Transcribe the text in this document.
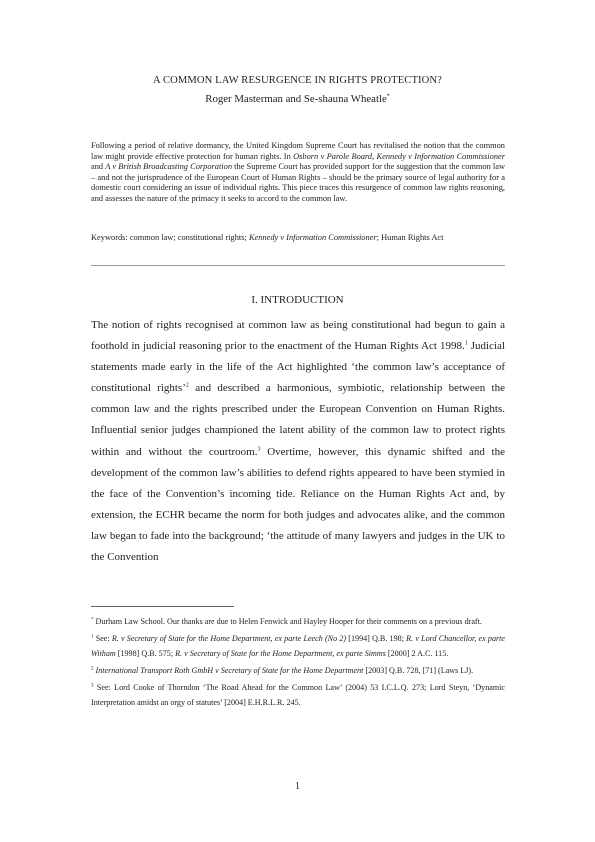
A COMMON LAW RESURGENCE IN RIGHTS PROTECTION?
Roger Masterman and Se-shauna Wheatle*
Following a period of relative dormancy, the United Kingdom Supreme Court has revitalised the notion that the common law might provide effective protection for human rights. In Osborn v Parole Board, Kennedy v Information Commissioner and A v British Broadcasting Corporation the Supreme Court has provided support for the suggestion that the common law – and not the jurisprudence of the European Court of Human Rights – should be the primary source of legal authority for a domestic court considering an issue of individual rights. This piece traces this resurgence of common law rights reasoning, and assesses the nature of the primacy it seeks to accord to the common law.
Keywords: common law; constitutional rights; Kennedy v Information Commissioner; Human Rights Act
I. INTRODUCTION
The notion of rights recognised at common law as being constitutional had begun to gain a foothold in judicial reasoning prior to the enactment of the Human Rights Act 1998.$^1$ Judicial statements made early in the life of the Act highlighted ‘the common law’s acceptance of constitutional rights’$^2$ and described a harmonious, symbiotic, relationship between the common law and the rights prescribed under the European Convention on Human Rights. Influential senior judges championed the latent ability of the common law to protect rights within and without the courtroom.$^3$ Overtime, however, this dynamic shifted and the development of the common law’s abilities to defend rights appeared to have been stymied in the face of the Convention’s incoming tide. Reliance on the Human Rights Act and, by extension, the ECHR became the norm for both judges and advocates alike, and the common law began to fade into the background; ‘the attitude of many lawyers and judges in the UK to the Convention
* Durham Law School. Our thanks are due to Helen Fenwick and Hayley Hooper for their comments on a previous draft.
$^1$ See: R. v Secretary of State for the Home Department, ex parte Leech (No 2) [1994] Q.B. 198; R. v Lord Chancellor, ex parte Witham [1998] Q.B. 575; R. v Secretary of State for the Home Department, ex parte Simms [2000] 2 A.C. 115.
$^2$ International Transport Roth GmbH v Secretary of State for the Home Department [2003] Q.B. 728, [71] (Laws LJ).
$^3$ See: Lord Cooke of Thorndon ‘The Road Ahead for the Common Law’ (2004) 53 I.C.L.Q. 273; Lord Steyn, ‘Dynamic Interpretation amidst an orgy of statutes’ [2004] E.H.R.L.R. 245.
1
